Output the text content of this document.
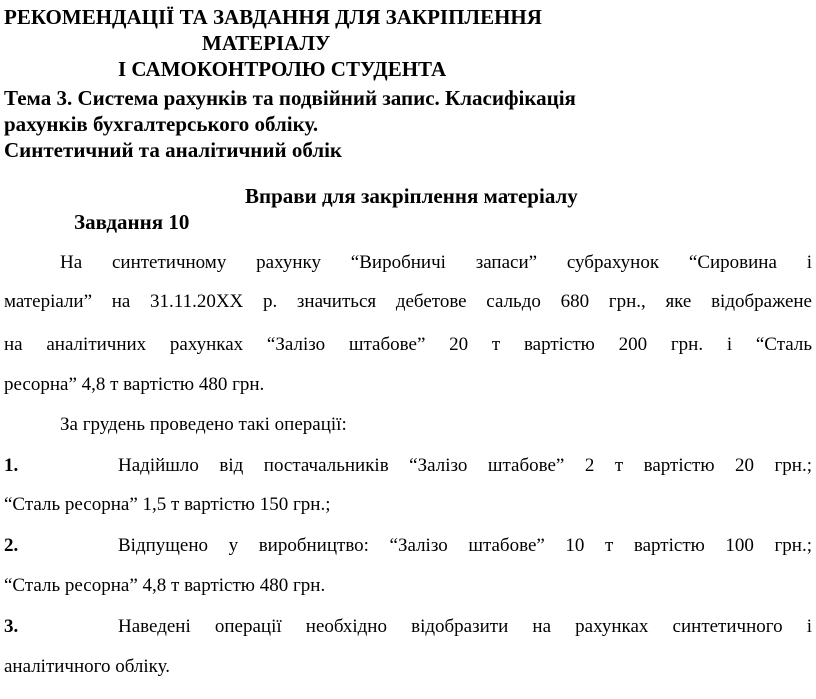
РЕКОМЕНДАЦІЇ ТА ЗАВДАННЯ ДЛЯ ЗАКРІПЛЕННЯ
МАТЕРІАЛУ
І САМОКОНТРОЛЮ СТУДЕНТА
Тема 3. Система рахунків та подвійний запис. Класифікація
рахунків бухгалтерського обліку.
Синтетичний та аналітичний облік
Вправи для закріплення матеріалу
Завдання 10
На синтетичному рахунку “Виробничі запаси” субрахунок “Сировина і
матеріали” на 31.11.20ХХ р. значиться дебетове сальдо 680 грн., яке відображене
на аналітичних рахунках “Залізо штабове” 20 т вартістю 200 грн. і “Сталь
ресорна” 4,8 т вартістю 480 грн.
За грудень проведено такі операції:
1.	Надійшло від постачальників “Залізо штабове” 2 т вартістю 20 грн.;
“Сталь ресорна” 1,5 т вартістю 150 грн.;
2.	Відпущено у виробництво: “Залізо штабове” 10 т вартістю 100 грн.;
“Сталь ресорна” 4,8 т вартістю 480 грн.
3.	Наведені операції необхідно відобразити на рахунках синтетичного і
аналітичного обліку.
